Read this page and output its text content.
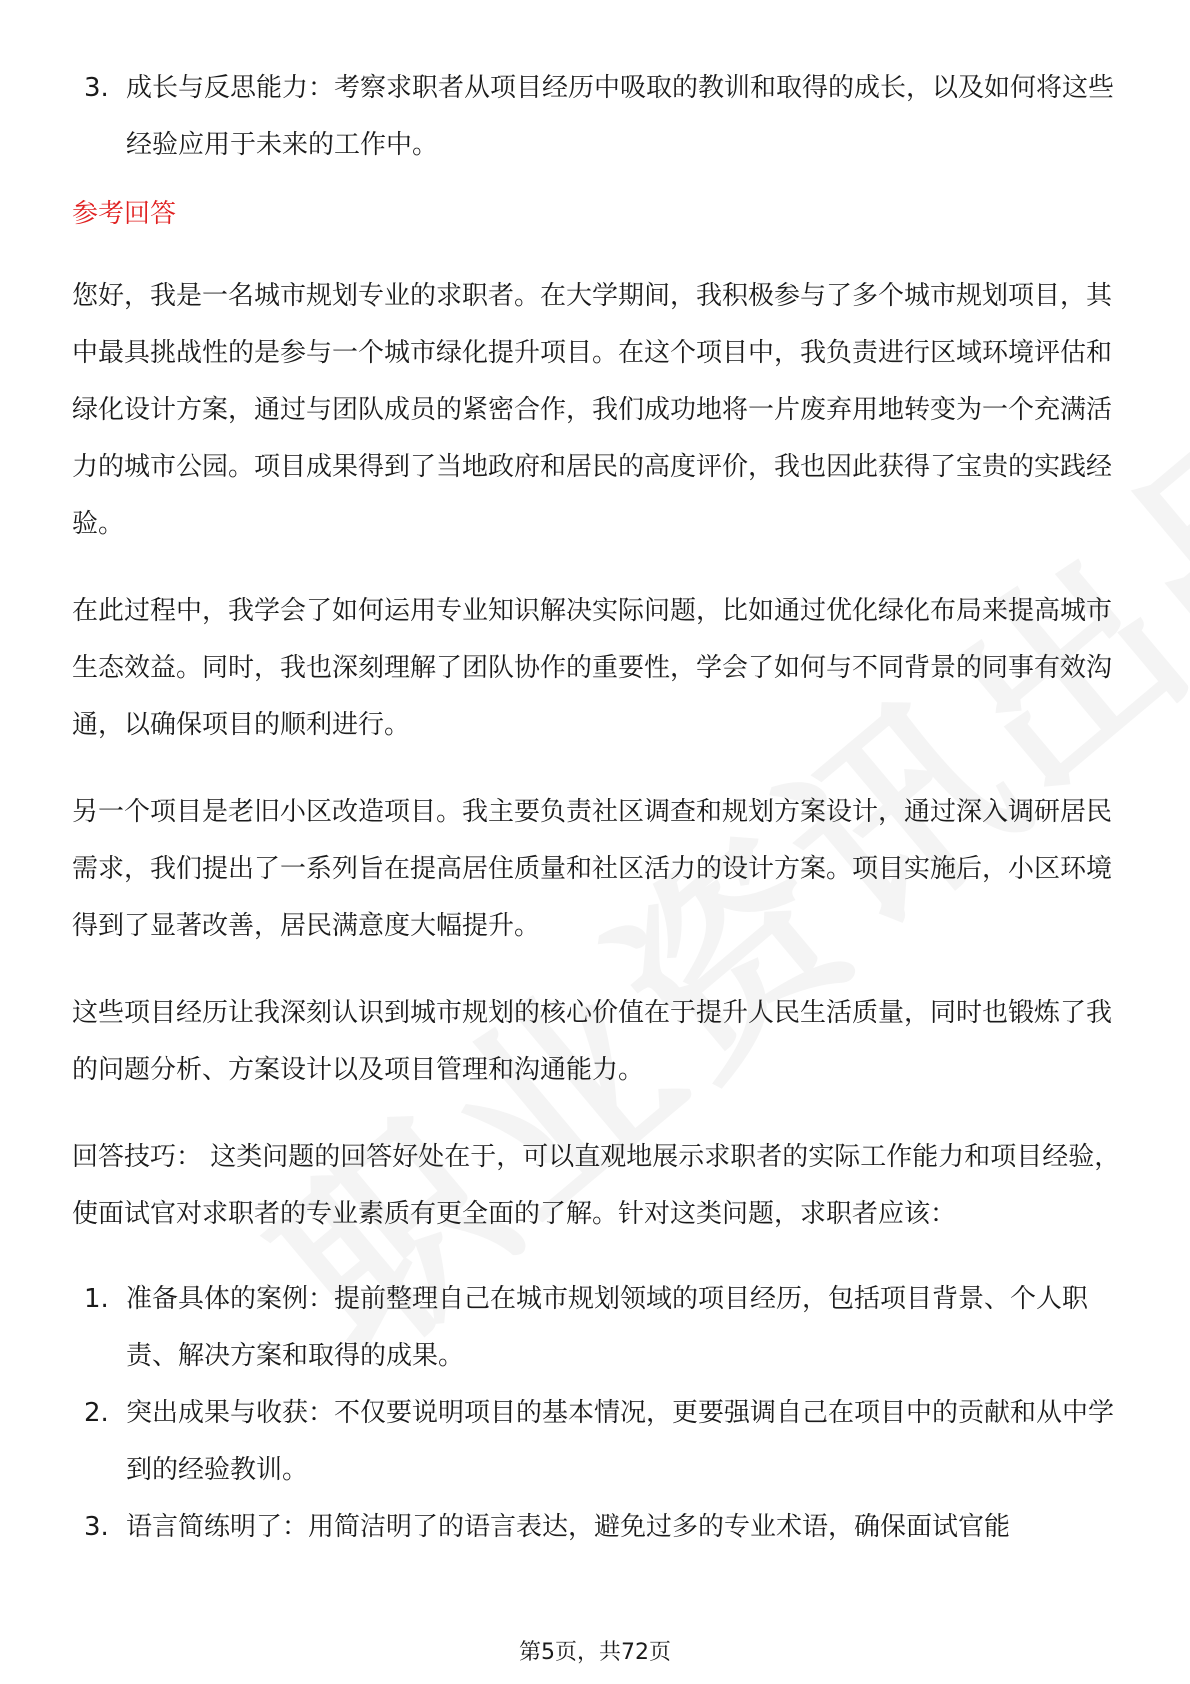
3. 成长与反思能力：考察求职者从项目经历中吸取的教训和取得的成长，以及如何将这些经验应用于未来的工作中。
参考回答

您好，我是一名城市规划专业的求职者。在大学期间，我积极参与了多个城市规划项目，其中最具挑战性的是参与一个城市绿化提升项目。在这个项目中，我负责进行区域环境评估和绿化设计方案，通过与团队成员的紧密合作，我们成功地将一片废弃用地转变为一个充满活力的城市公园。项目成果得到了当地政府和居民的高度评价，我也因此获得了宝贵的实践经验。

在此过程中，我学会了如何运用专业知识解决实际问题，比如通过优化绿化布局来提高城市生态效益。同时，我也深刻理解了团队协作的重要性，学会了如何与不同背景的同事有效沟通，以确保项目的顺利进行。

另一个项目是老旧小区改造项目。我主要负责社区调查和规划方案设计，通过深入调研居民需求，我们提出了一系列旨在提高居住质量和社区活力的设计方案。项目实施后，小区环境得到了显著改善，居民满意度大幅提升。

这些项目经历让我深刻认识到城市规划的核心价值在于提升人民生活质量，同时也锻炼了我的问题分析、方案设计以及项目管理和沟通能力。

回答技巧： 这类问题的回答好处在于，可以直观地展示求职者的实际工作能力和项目经验，使面试官对求职者的专业素质有更全面的了解。针对这类问题，求职者应该：

1. 准备具体的案例：提前整理自己在城市规划领域的项目经历，包括项目背景、个人职责、解决方案和取得的成果。
2. 突出成果与收获：不仅要说明项目的基本情况，更要强调自己在项目中的贡献和从中学到的经验教训。
3. 语言简练明了：用简洁明了的语言表达，避免过多的专业术语，确保面试官能
第5页，共72页
